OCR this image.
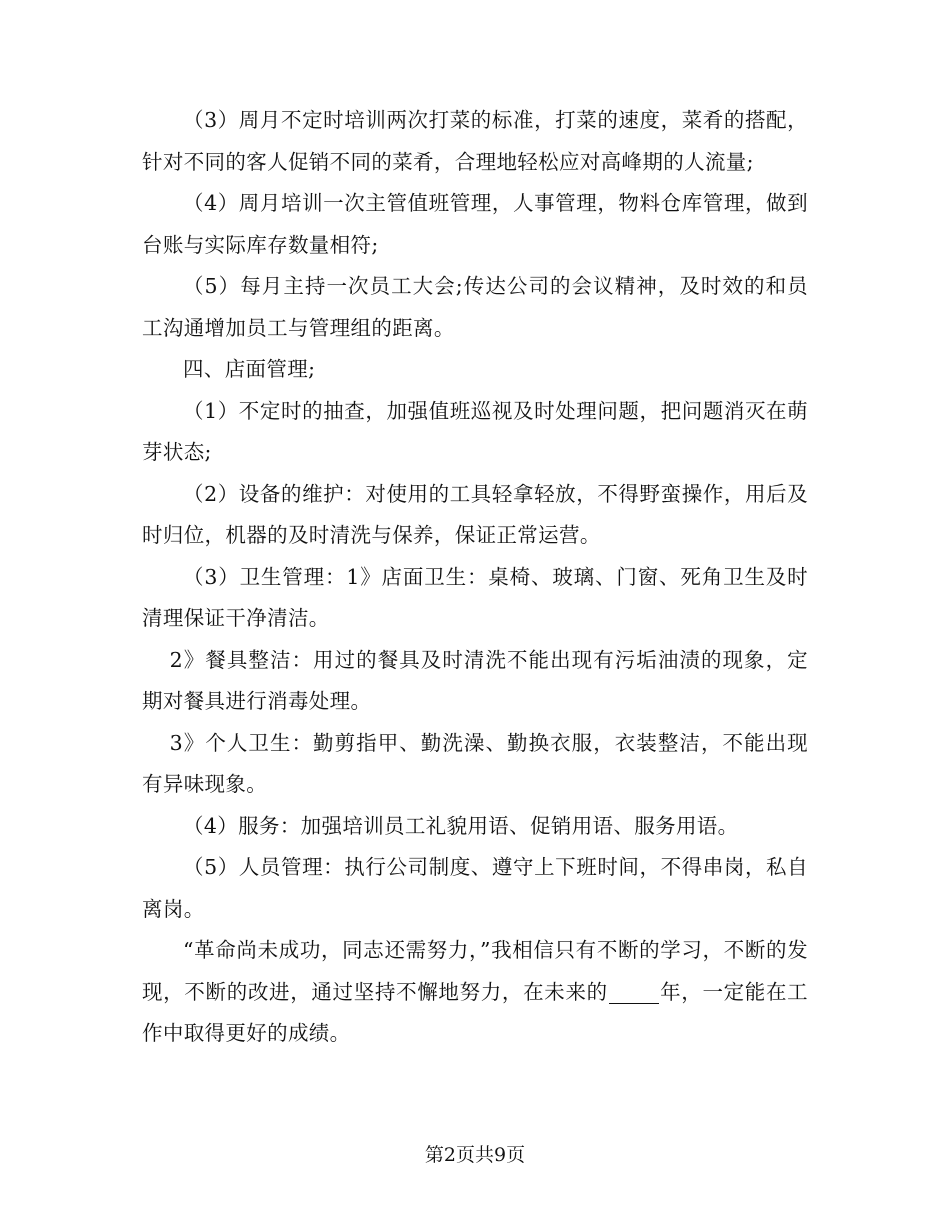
（3）周月不定时培训两次打菜的标准，打菜的速度，菜肴的搭配，针对不同的客人促销不同的菜肴，合理地轻松应对高峰期的人流量;

（4）周月培训一次主管值班管理，人事管理，物料仓库管理，做到台账与实际库存数量相符;

（5）每月主持一次员工大会;传达公司的会议精神，及时效的和员工沟通增加员工与管理组的距离。

四、店面管理;

（1）不定时的抽查，加强值班巡视及时处理问题，把问题消灭在萌芽状态;

（2）设备的维护：对使用的工具轻拿轻放，不得野蛮操作，用后及时归位，机器的及时清洗与保养，保证正常运营。

（3）卫生管理：1》店面卫生：桌椅、玻璃、门窗、死角卫生及时清理保证干净清洁。

2》餐具整洁：用过的餐具及时清洗不能出现有污垢油渍的现象，定期对餐具进行消毒处理。

3》个人卫生：勤剪指甲、勤洗澡、勤换衣服，衣装整洁，不能出现有异味现象。

（4）服务：加强培训员工礼貌用语、促销用语、服务用语。

（5）人员管理：执行公司制度、遵守上下班时间，不得串岗，私自离岗。

“革命尚未成功，同志还需努力，”我相信只有不断的学习，不断的发现，不断的改进，通过坚持不懈地努力，在未来的	年，一定能在工作中取得更好的成绩。

第2页共9页
